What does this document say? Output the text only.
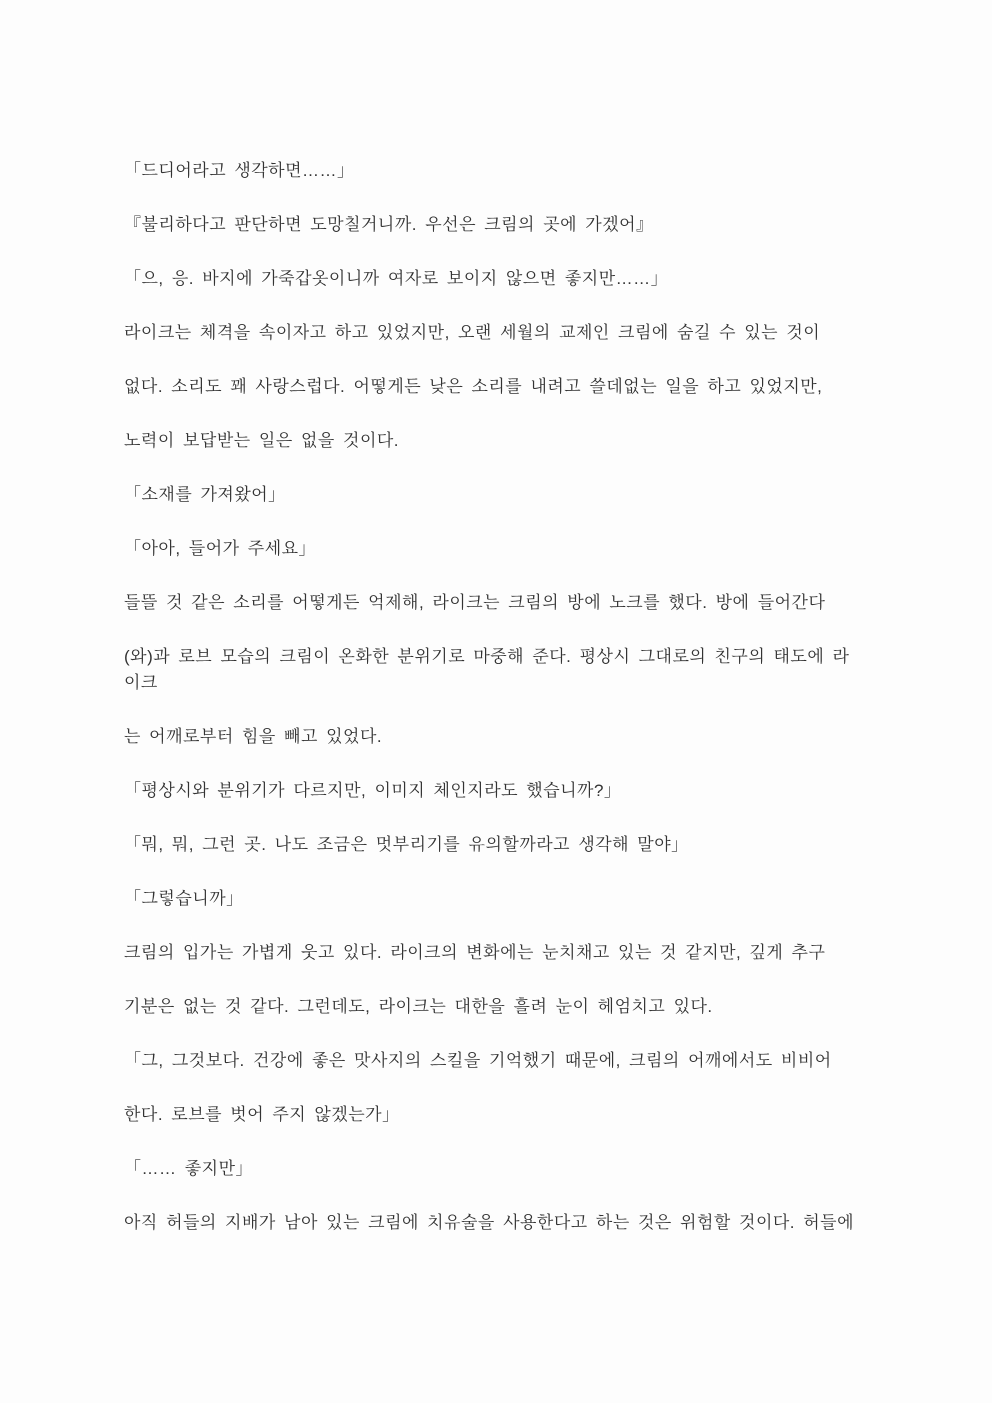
「드디어라고 생각하면……」

『불리하다고 판단하면 도망칠거니까. 우선은 크림의 곳에 가겠어』

「으, 응. 바지에 가죽갑옷이니까 여자로 보이지 않으면 좋지만……」

라이크는 체격을 속이자고 하고 있었지만, 오랜 세월의 교제인 크림에 숨길 수 있는 것이

없다. 소리도 꽤 사랑스럽다. 어떻게든 낮은 소리를 내려고 쓸데없는 일을 하고 있었지만,

노력이 보답받는 일은 없을 것이다.

「소재를 가져왔어」

「아아, 들어가 주세요」

들뜰 것 같은 소리를 어떻게든 억제해, 라이크는 크림의 방에 노크를 했다. 방에 들어간다

(와)과 로브 모습의 크림이 온화한 분위기로 마중해 준다. 평상시 그대로의 친구의 태도에 라

이크

는 어깨로부터 힘을 빼고 있었다.

「평상시와 분위기가 다르지만, 이미지 체인지라도 했습니까?」

「뭐, 뭐, 그런 곳. 나도 조금은 멋부리기를 유의할까라고 생각해 말야」

「그렇습니까」

크림의 입가는 가볍게 웃고 있다. 라이크의 변화에는 눈치채고 있는 것 같지만, 깊게 추구

기분은 없는 것 같다. 그런데도, 라이크는 대한을 흘려 눈이 헤엄치고 있다.

「그, 그것보다. 건강에 좋은 맛사지의 스킬을 기억했기 때문에, 크림의 어깨에서도 비비어

한다. 로브를 벗어 주지 않겠는가」

「…… 좋지만」

아직 허들의 지배가 남아 있는 크림에 치유술을 사용한다고 하는 것은 위험할 것이다. 허들에
